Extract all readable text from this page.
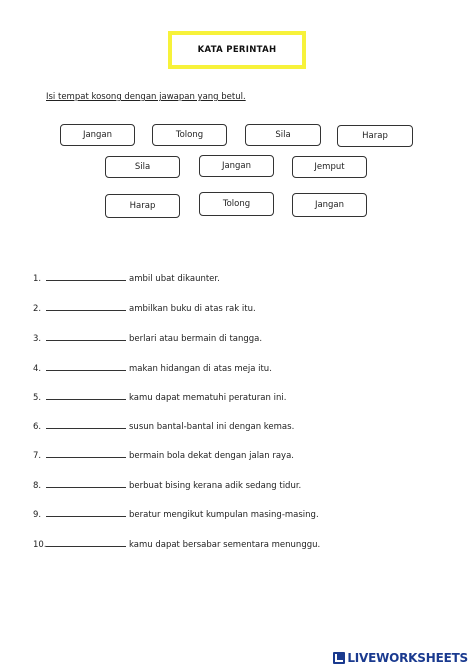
KATA PERINTAH
Isi tempat kosong dengan jawapan yang betul.
Jangan	Tolong	Sila	Harap
Sila	Jangan	Jemput
Harap	Tolong	Jangan
1.	ambil ubat dikaunter.
2.	ambilkan buku di atas rak itu.
3.	berlari atau bermain di tangga.
4.	makan hidangan di atas meja itu.
5.	kamu dapat mematuhi peraturan ini.
6.	susun bantal-bantal ini dengan kemas.
7.	bermain bola dekat dengan jalan raya.
8.	berbuat bising kerana adik sedang tidur.
9.	beratur mengikut kumpulan masing-masing.
10.	kamu dapat bersabar sementara menunggu.
LIVEWORKSHEETS
